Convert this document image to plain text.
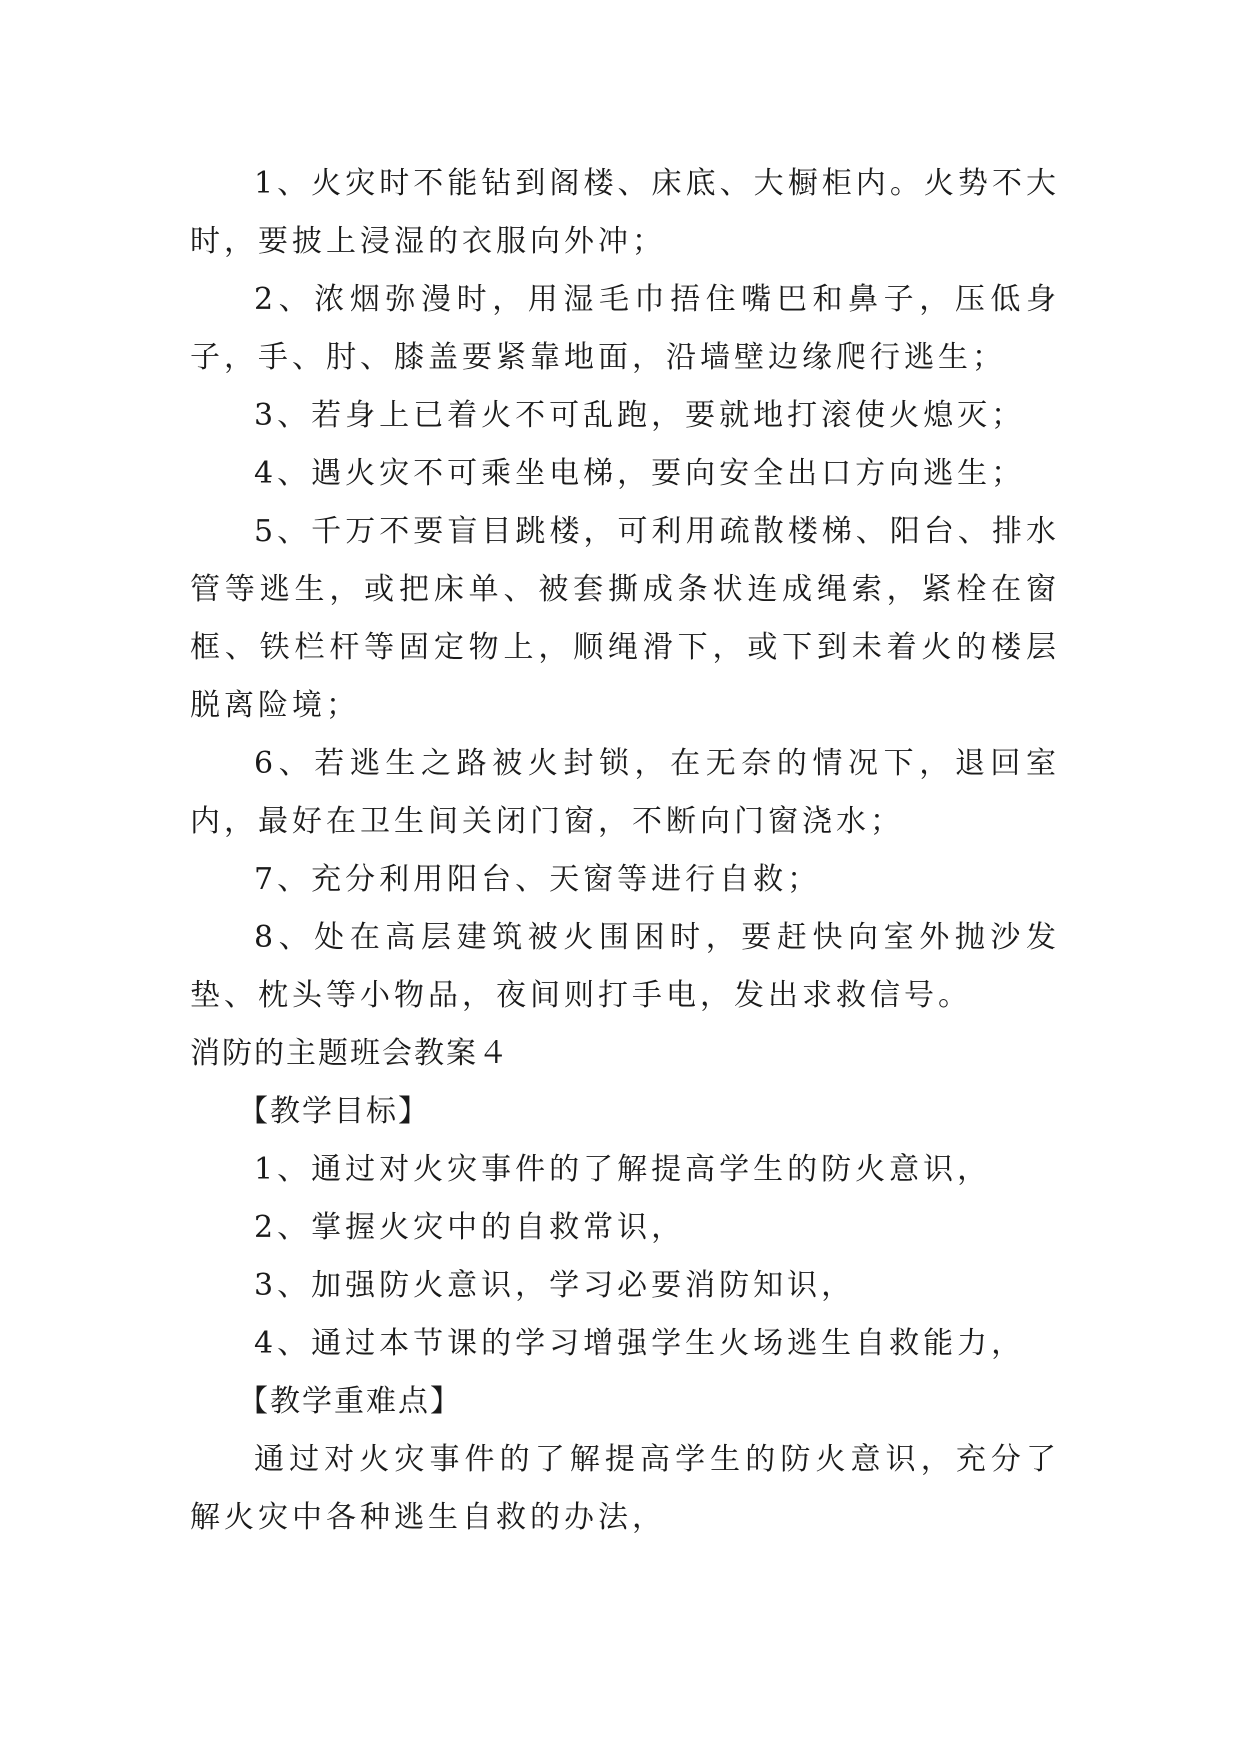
1、火灾时不能钻到阁楼、床底、大橱柜内。火势不大时，要披上浸湿的衣服向外冲；

2、浓烟弥漫时，用湿毛巾捂住嘴巴和鼻子，压低身子，手、肘、膝盖要紧靠地面，沿墙壁边缘爬行逃生；

3、若身上已着火不可乱跑，要就地打滚使火熄灭；

4、遇火灾不可乘坐电梯，要向安全出口方向逃生；

5、千万不要盲目跳楼，可利用疏散楼梯、阳台、排水管等逃生，或把床单、被套撕成条状连成绳索，紧栓在窗框、铁栏杆等固定物上，顺绳滑下，或下到未着火的楼层脱离险境；

6、若逃生之路被火封锁，在无奈的情况下，退回室内，最好在卫生间关闭门窗，不断向门窗浇水；

7、充分利用阳台、天窗等进行自救；

8、处在高层建筑被火围困时，要赶快向室外抛沙发垫、枕头等小物品，夜间则打手电，发出求救信号。

消防的主题班会教案４

【教学目标】

1、通过对火灾事件的了解提高学生的防火意识，

2、掌握火灾中的自救常识，

3、加强防火意识，学习必要消防知识，

4、通过本节课的学习增强学生火场逃生自救能力，

【教学重难点】

通过对火灾事件的了解提高学生的防火意识，充分了解火灾中各种逃生自救的办法，
